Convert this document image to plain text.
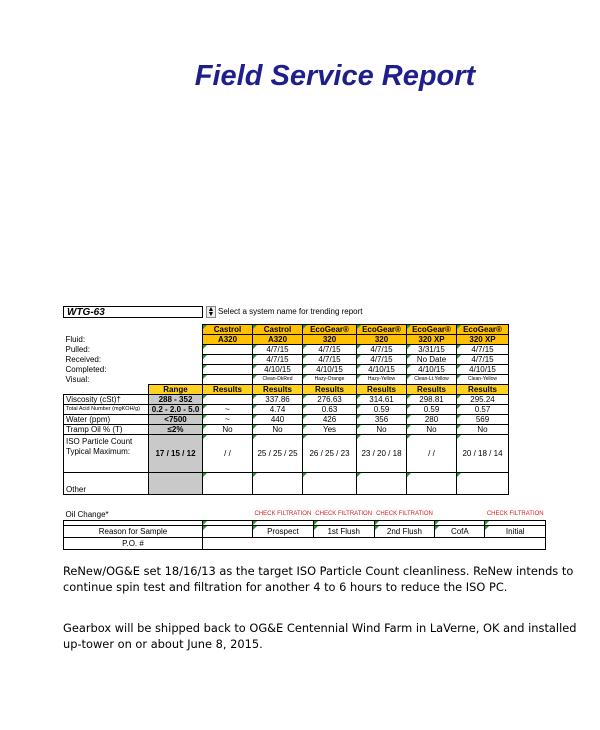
Field Service Report
WTG-63	▲
▼ Select a system name for trending report
		Castrol	Castrol	EcoGear®	EcoGear®	EcoGear®	EcoGear®
Fluid:		A320	A320	320	320	320 XP	320 XP
Pulled:			4/7/15	4/7/15	4/7/15	3/31/15	4/7/15
Received:			4/7/15	4/7/15	4/7/15	No Date	4/7/15
Completed:			4/10/15	4/10/15	4/10/15	4/10/15	4/10/15
Visual:			Clean-DkRed	Hazy-Orange	Hazy-Yellow	Clean-Lt.Yellow	Clean-Yellow
	Range	Results	Results	Results	Results	Results	Results
Viscosity (cSt)†	288 - 352		337.86	276.63	314.61	298.81	295.24
Total Acid Number (mgKOH/g)	0.2 - 2.0 - 5.0	~	4.74	0.63	0.59	0.59	0.57
Water (ppm)	<7500	~	440	426	356	280	569
Tramp Oil % (T)	≤2%	No	No	Yes	No	No	No
ISO Particle Count
Typical Maximum:	17 / 15 / 12	/ /	25 / 25 / 25	26 / 25 / 23	23 / 20 / 18	/ /	20 / 18 / 14
Other							
Oil Change*		CHECK FILTRATION	CHECK FILTRATION	CHECK FILTRATION		CHECK FILTRATION

Reason for Sample		Prospect	1st Flush	2nd Flush	CofA	Initial
P.O. #						
ReNew/OG&E set 18/16/13 as the target ISO Particle Count cleanliness. ReNew intends to continue spin test and filtration for another 4 to 6 hours to reduce the ISO PC.
Gearbox will be shipped back to OG&E Centennial Wind Farm in LaVerne, OK and installed up-tower on or about June 8, 2015.
